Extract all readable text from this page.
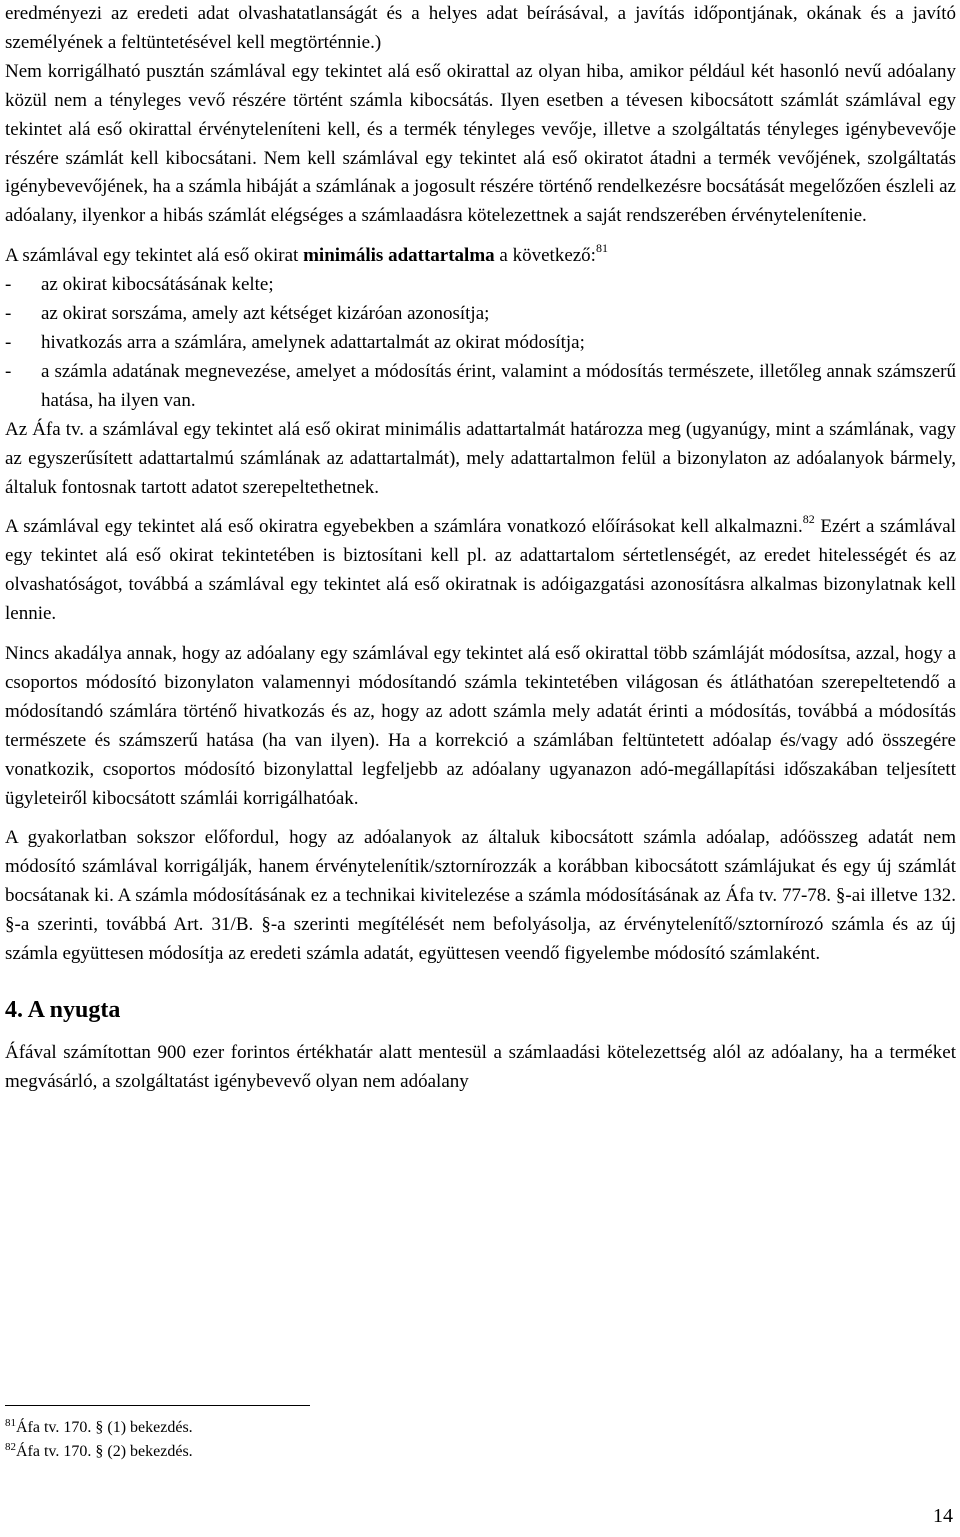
eredményezi az eredeti adat olvashatatlanságát és a helyes adat beírásával, a javítás időpontjának, okának és a javító személyének a feltüntetésével kell megtörténnie.)

Nem korrigálható pusztán számlával egy tekintet alá eső okirattal az olyan hiba, amikor például két hasonló nevű adóalany közül nem a tényleges vevő részére történt számla kibocsátás. Ilyen esetben a tévesen kibocsátott számlát számlával egy tekintet alá eső okirattal érvényteleníteni kell, és a termék tényleges vevője, illetve a szolgáltatás tényleges igénybevevője részére számlát kell kibocsátani. Nem kell számlával egy tekintet alá eső okiratot átadni a termék vevőjének, szolgáltatás igénybevevőjének, ha a számla hibáját a számlának a jogosult részére történő rendelkezésre bocsátását megelőzően észleli az adóalany, ilyenkor a hibás számlát elégséges a számlaadásra kötelezettnek a saját rendszerében érvénytelenítenie.

A számlával egy tekintet alá eső okirat minimális adattartalma a következő:$^{81}$

- az okirat kibocsátásának kelte;
- az okirat sorszáma, amely azt kétséget kizáróan azonosítja;
- hivatkozás arra a számlára, amelynek adattartalmát az okirat módosítja;
- a számla adatának megnevezése, amelyet a módosítás érint, valamint a módosítás természete, illetőleg annak számszerű hatása, ha ilyen van.

Az Áfa tv. a számlával egy tekintet alá eső okirat minimális adattartalmát határozza meg (ugyanúgy, mint a számlának, vagy az egyszerűsített adattartalmú számlának az adattartalmát), mely adattartalmon felül a bizonylaton az adóalanyok bármely, általuk fontosnak tartott adatot szerepeltethetnek.

A számlával egy tekintet alá eső okiratra egyebekben a számlára vonatkozó előírásokat kell alkalmazni.$^{82}$ Ezért a számlával egy tekintet alá eső okirat tekintetében is biztosítani kell pl. az adattartalom sértetlenségét, az eredet hitelességét és az olvashatóságot, továbbá a számlával egy tekintet alá eső okiratnak is adóigazgatási azonosításra alkalmas bizonylatnak kell lennie.

Nincs akadálya annak, hogy az adóalany egy számlával egy tekintet alá eső okirattal több számláját módosítsa, azzal, hogy a csoportos módosító bizonylaton valamennyi módosítandó számla tekintetében világosan és átláthatóan szerepeltetendő a módosítandó számlára történő hivatkozás és az, hogy az adott számla mely adatát érinti a módosítás, továbbá a módosítás természete és számszerű hatása (ha van ilyen). Ha a korrekció a számlában feltüntetett adóalap és/vagy adó összegére vonatkozik, csoportos módosító bizonylattal legfeljebb az adóalany ugyanazon adó-megállapítási időszakában teljesített ügyleteiről kibocsátott számlái korrigálhatóak.

A gyakorlatban sokszor előfordul, hogy az adóalanyok az általuk kibocsátott számla adóalap, adóösszeg adatát nem módosító számlával korrigálják, hanem érvénytelenítik/sztornírozzák a korábban kibocsátott számlájukat és egy új számlát bocsátanak ki. A számla módosításának ez a technikai kivitelezése a számla módosításának az Áfa tv. 77-78. §-ai illetve 132. §-a szerinti, továbbá Art. 31/B. §-a szerinti megítélését nem befolyásolja, az érvénytelenítő/sztornírozó számla és az új számla együttesen módosítja az eredeti számla adatát, együttesen veendő figyelembe módosító számlaként.

4. A nyugta

Áfával számítottan 900 ezer forintos értékhatár alatt mentesül a számlaadási kötelezettség alól az adóalany, ha a terméket megvásárló, a szolgáltatást igénybevevő olyan nem adóalany

$^{81}$Áfa tv. 170. § (1) bekezdés.
$^{82}$Áfa tv. 170. § (2) bekezdés.
14
